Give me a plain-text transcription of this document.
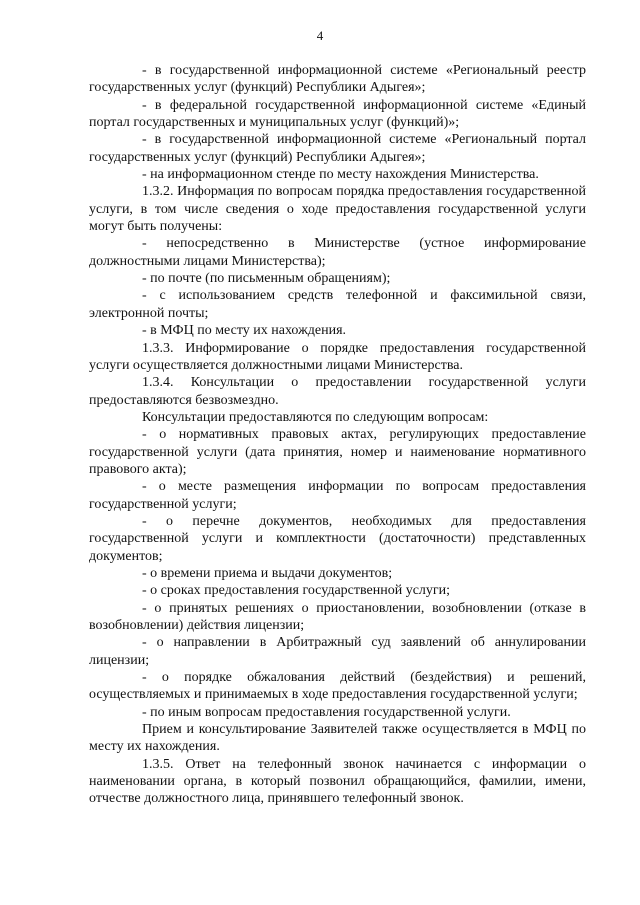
4

- в государственной информационной системе «Региональный реестр государственных услуг (функций) Республики Адыгея»;

- в федеральной государственной информационной системе «Единый портал государственных и муниципальных услуг (функций)»;

- в государственной информационной системе «Региональный портал государственных услуг (функций) Республики Адыгея»;

- на информационном стенде по месту нахождения Министерства.

1.3.2. Информация по вопросам порядка предоставления государственной услуги, в том числе сведения о ходе предоставления государственной услуги могут быть получены:

- непосредственно в Министерстве (устное информирование должностными лицами Министерства);

- по почте (по письменным обращениям);

- с использованием средств телефонной и факсимильной связи, электронной почты;

- в МФЦ по месту их нахождения.

1.3.3. Информирование о порядке предоставления государственной услуги осуществляется должностными лицами Министерства.

1.3.4. Консультации о предоставлении государственной услуги предоставляются безвозмездно.

Консультации предоставляются по следующим вопросам:

- о нормативных правовых актах, регулирующих предоставление государственной услуги (дата принятия, номер и наименование нормативного правового акта);

- о месте размещения информации по вопросам предоставления государственной услуги;

- о перечне документов, необходимых для предоставления государственной услуги и комплектности (достаточности) представленных документов;

- о времени приема и выдачи документов;

- о сроках предоставления государственной услуги;

- о принятых решениях о приостановлении, возобновлении (отказе в возобновлении) действия лицензии;

- о направлении в Арбитражный суд заявлений об аннулировании лицензии;

- о порядке обжалования действий (бездействия) и решений, осуществляемых и принимаемых в ходе предоставления государственной услуги;

- по иным вопросам предоставления государственной услуги.

Прием и консультирование Заявителей также осуществляется в МФЦ по месту их нахождения.

1.3.5. Ответ на телефонный звонок начинается с информации о наименовании органа, в который позвонил обращающийся, фамилии, имени, отчестве должностного лица, принявшего телефонный звонок.
